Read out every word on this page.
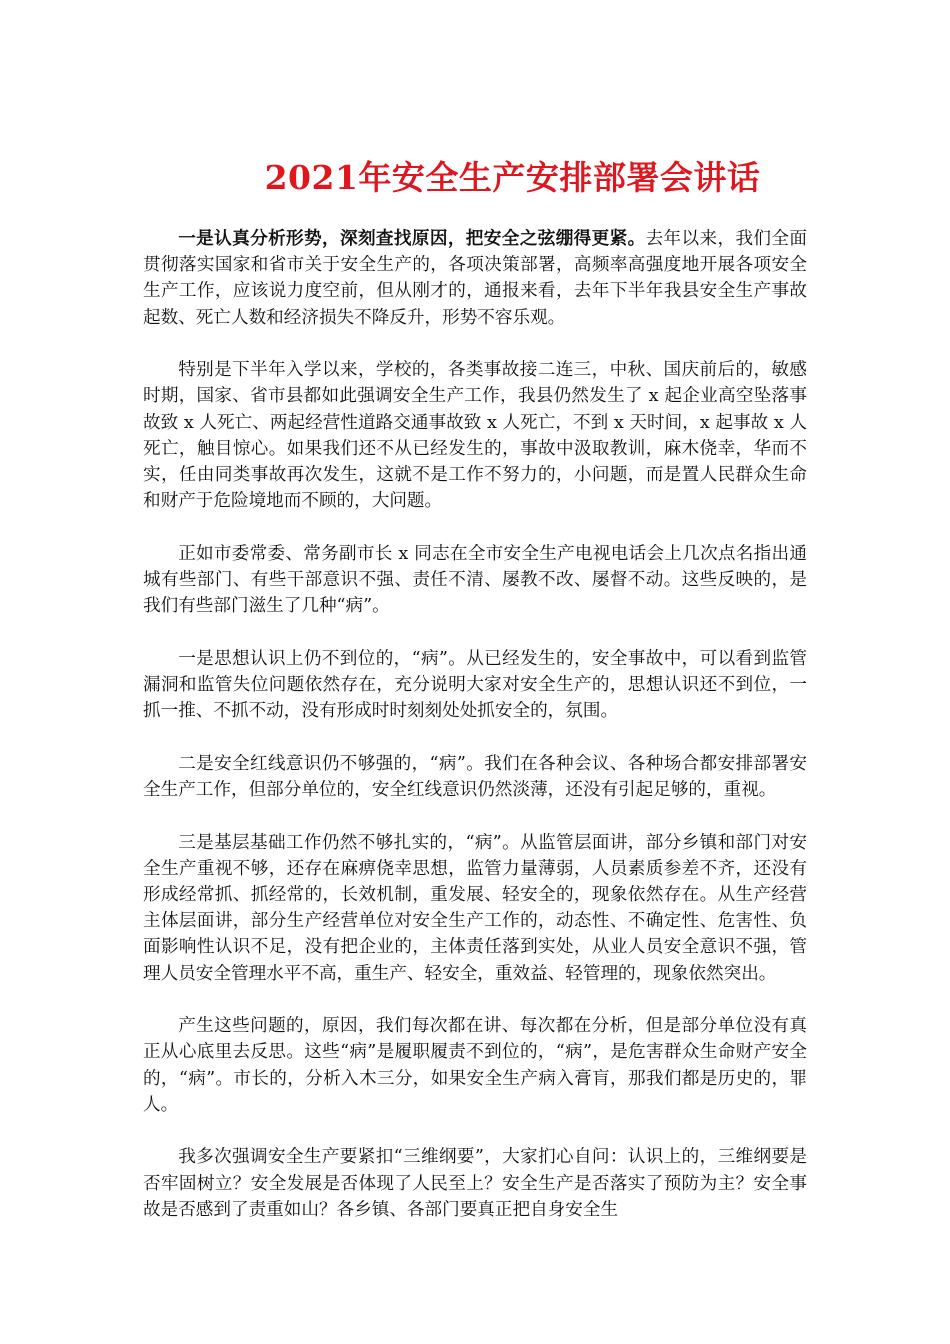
2021年安全生产安排部署会讲话

一是认真分析形势，深刻查找原因，把安全之弦绷得更紧。去年以来，我们全面贯彻落实国家和省市关于安全生产的，各项决策部署，高频率高强度地开展各项安全生产工作，应该说力度空前，但从刚才的，通报来看，去年下半年我县安全生产事故起数、死亡人数和经济损失不降反升，形势不容乐观。

特别是下半年入学以来，学校的，各类事故接二连三，中秋、国庆前后的，敏感时期，国家、省市县都如此强调安全生产工作，我县仍然发生了 x 起企业高空坠落事故致 x 人死亡、两起经营性道路交通事故致 x 人死亡，不到 x 天时间，x 起事故 x 人死亡，触目惊心。如果我们还不从已经发生的，事故中汲取教训，麻木侥幸，华而不实，任由同类事故再次发生，这就不是工作不努力的，小问题，而是置人民群众生命和财产于危险境地而不顾的，大问题。

正如市委常委、常务副市长 x 同志在全市安全生产电视电话会上几次点名指出通城有些部门、有些干部意识不强、责任不清、屡教不改、屡督不动。这些反映的，是我们有些部门滋生了几种“病”。

一是思想认识上仍不到位的，“病”。从已经发生的，安全事故中，可以看到监管漏洞和监管失位问题依然存在，充分说明大家对安全生产的，思想认识还不到位，一抓一推、不抓不动，没有形成时时刻刻处处抓安全的，氛围。

二是安全红线意识仍不够强的，“病”。我们在各种会议、各种场合都安排部署安全生产工作，但部分单位的，安全红线意识仍然淡薄，还没有引起足够的，重视。

三是基层基础工作仍然不够扎实的，“病”。从监管层面讲，部分乡镇和部门对安全生产重视不够，还存在麻痹侥幸思想，监管力量薄弱，人员素质参差不齐，还没有形成经常抓、抓经常的，长效机制，重发展、轻安全的，现象依然存在。从生产经营主体层面讲，部分生产经营单位对安全生产工作的，动态性、不确定性、危害性、负面影响性认识不足，没有把企业的，主体责任落到实处，从业人员安全意识不强，管理人员安全管理水平不高，重生产、轻安全，重效益、轻管理的，现象依然突出。

产生这些问题的，原因，我们每次都在讲、每次都在分析，但是部分单位没有真正从心底里去反思。这些“病”是履职履责不到位的，“病”，是危害群众生命财产安全的，“病”。市长的，分析入木三分，如果安全生产病入膏肓，那我们都是历史的，罪人。

我多次强调安全生产要紧扣“三维纲要”，大家扪心自问：认识上的，三维纲要是否牢固树立？安全发展是否体现了人民至上？安全生产是否落实了预防为主？安全事故是否感到了责重如山？各乡镇、各部门要真正把自身安全生
